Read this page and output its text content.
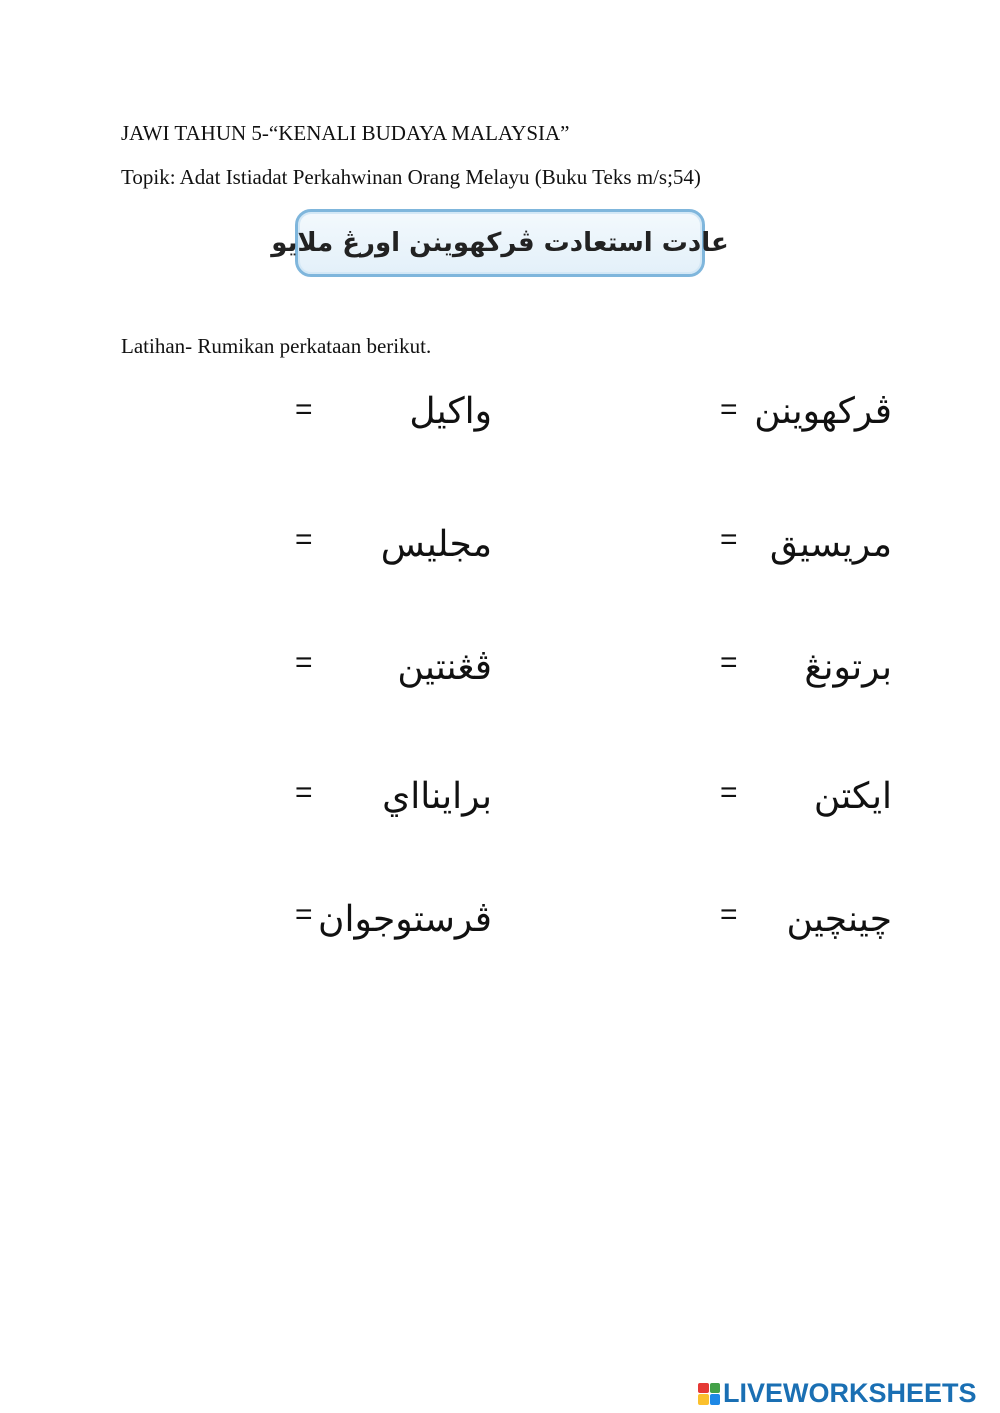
JAWI TAHUN 5-“KENALI BUDAYA MALAYSIA”
Topik: Adat Istiadat Perkahwinan Orang Melayu (Buku Teks m/s;54)
عادت استعادت ڤركهوينن اورڠ ملايو
Latihan- Rumikan perkataan berikut.
ڤركهوينن
=
واكيل
=
مريسيق
=
مجليس
=
برتونڠ
=
ڤڠنتين
=
ايكتن
=
براينااي
=
چينچين
=
ڤرستوجوان
=
LIVEWORKSHEETS
